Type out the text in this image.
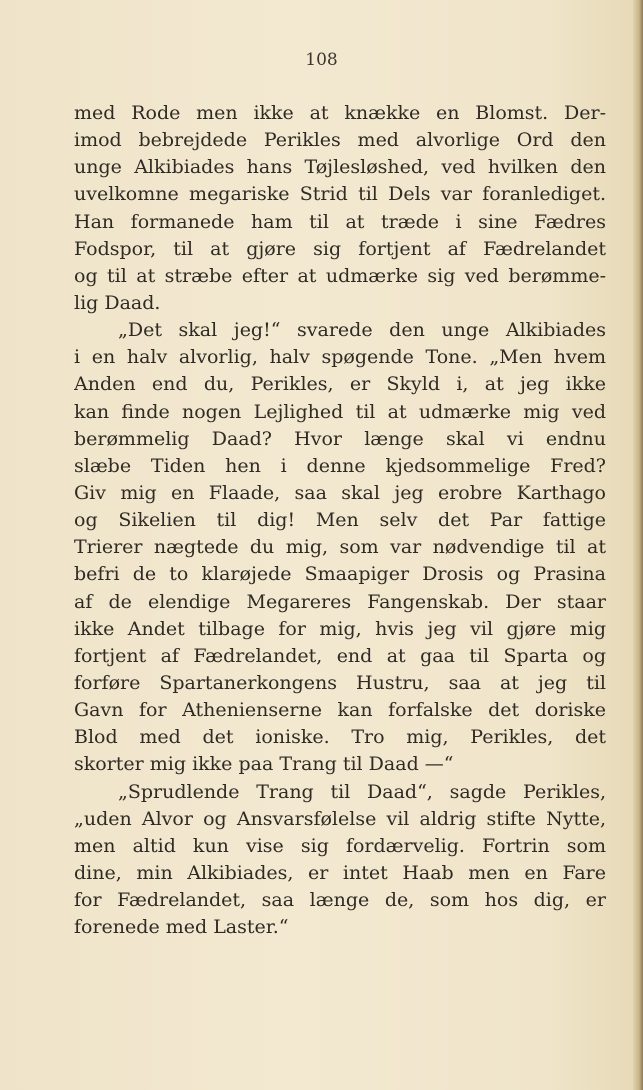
108
med Rode men ikke at knække en Blomst. Der-
imod bebrejdede Perikles med alvorlige Ord den
unge Alkibiades hans Tøjlesløshed, ved hvilken den
uvelkomne megariske Strid til Dels var foranlediget.
Han formanede ham til at træde i sine Fædres
Fodspor, til at gjøre sig fortjent af Fædrelandet
og til at stræbe efter at udmærke sig ved berømme-
lig Daad.
„Det skal jeg!“ svarede den unge Alkibiades
i en halv alvorlig, halv spøgende Tone. „Men hvem
Anden end du, Perikles, er Skyld i, at jeg ikke
kan finde nogen Lejlighed til at udmærke mig ved
berømmelig Daad? Hvor længe skal vi endnu
slæbe Tiden hen i denne kjedsommelige Fred?
Giv mig en Flaade, saa skal jeg erobre Karthago
og Sikelien til dig! Men selv det Par fattige
Trierer nægtede du mig, som var nødvendige til at
befri de to klarøjede Smaapiger Drosis og Prasina
af de elendige Megareres Fangenskab. Der staar
ikke Andet tilbage for mig, hvis jeg vil gjøre mig
fortjent af Fædrelandet, end at gaa til Sparta og
forføre Spartanerkongens Hustru, saa at jeg til
Gavn for Athenienserne kan forfalske det doriske
Blod med det ioniske. Tro mig, Perikles, det
skorter mig ikke paa Trang til Daad —“
„Sprudlende Trang til Daad“, sagde Perikles,
„uden Alvor og Ansvarsfølelse vil aldrig stifte Nytte,
men altid kun vise sig fordærvelig. Fortrin som
dine, min Alkibiades, er intet Haab men en Fare
for Fædrelandet, saa længe de, som hos dig, er
forenede med Laster.“
